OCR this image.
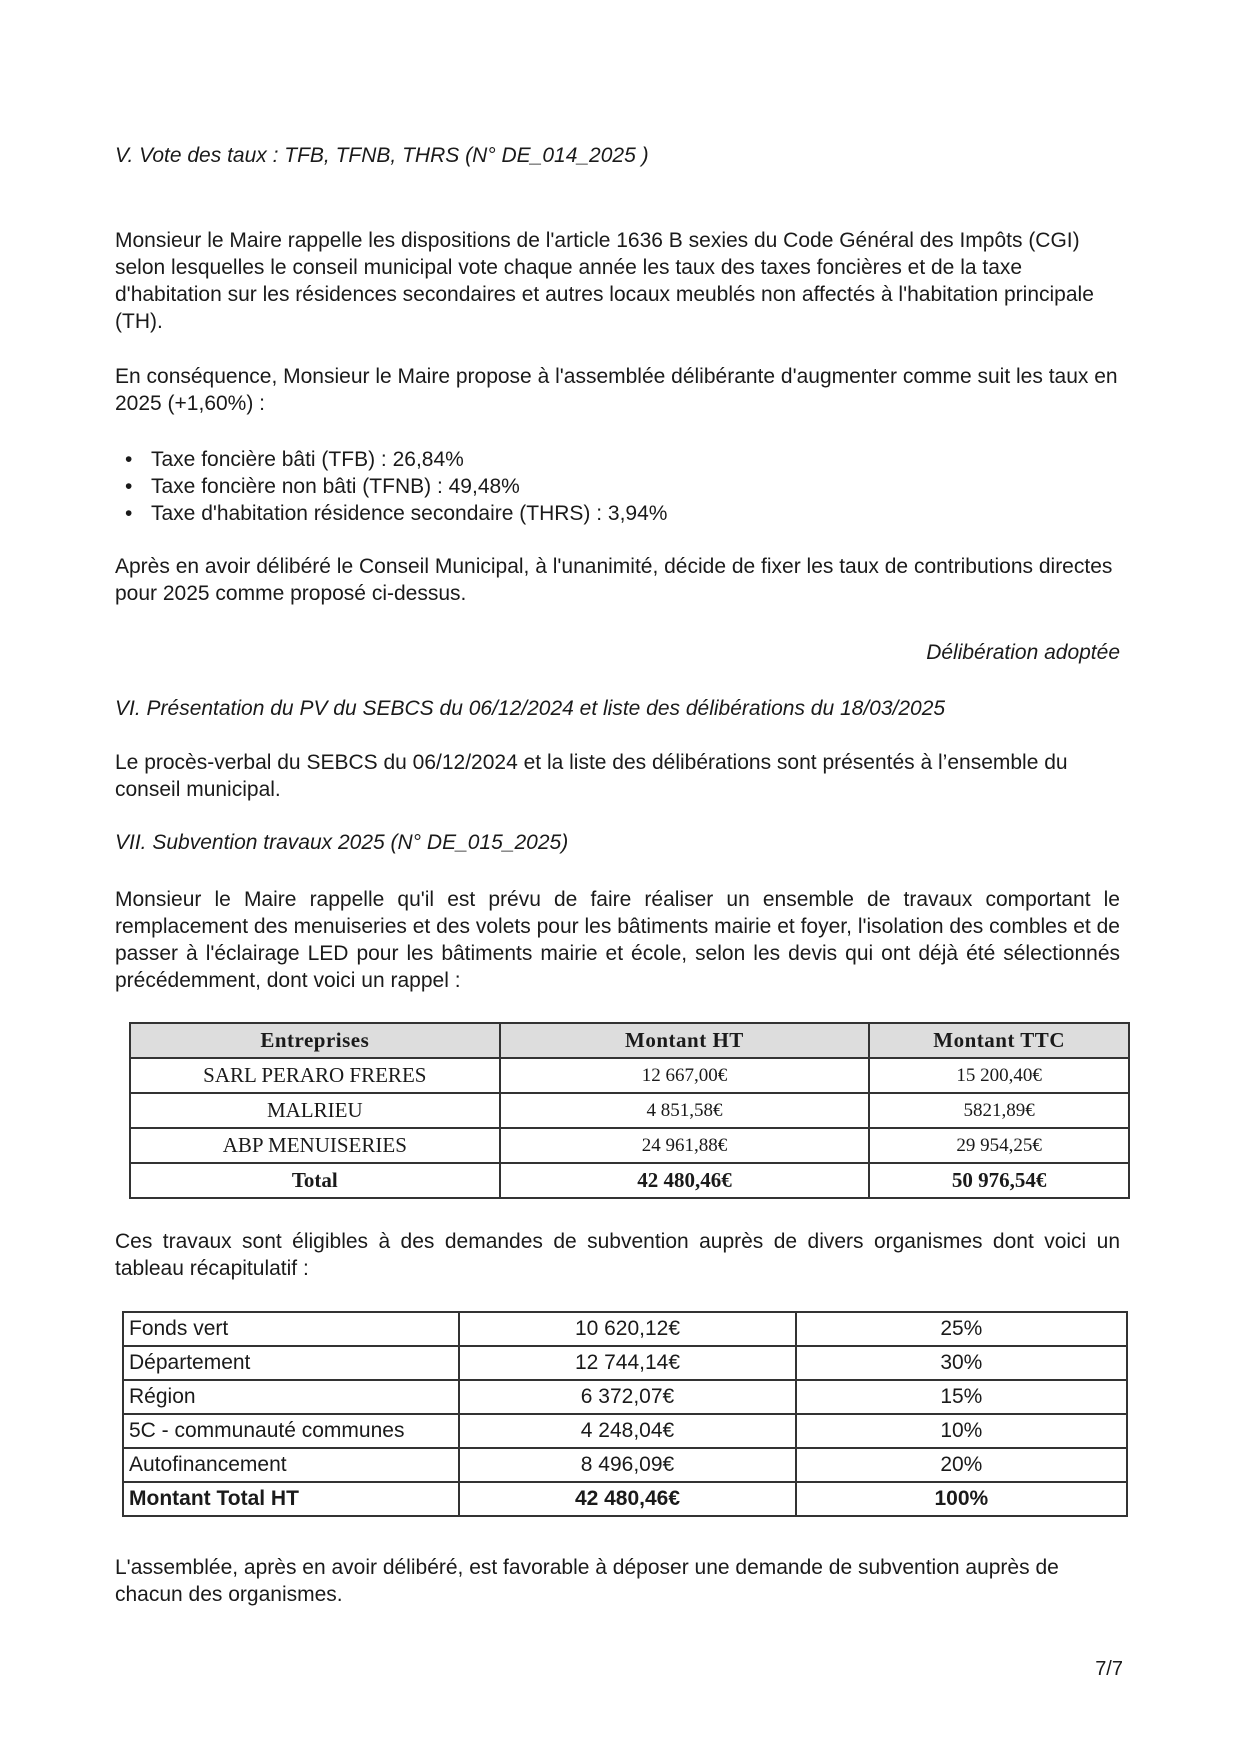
V. Vote des taux : TFB, TFNB, THRS (N° DE_014_2025 )
Monsieur le Maire rappelle les dispositions de l'article 1636 B sexies du Code Général des Impôts (CGI) selon lesquelles le conseil municipal vote chaque année les taux des taxes foncières et de la taxe d'habitation sur les résidences secondaires et autres locaux meublés non affectés à l'habitation principale (TH).
En conséquence, Monsieur le Maire propose à l'assemblée délibérante d'augmenter comme suit les taux en 2025 (+1,60%) :
• Taxe foncière bâti (TFB) : 26,84%
• Taxe foncière non bâti (TFNB) : 49,48%
• Taxe d'habitation résidence secondaire (THRS) : 3,94%
Après en avoir délibéré le Conseil Municipal, à l'unanimité, décide de fixer les taux de contributions directes pour 2025 comme proposé ci-dessus.
Délibération adoptée
VI. Présentation du PV du SEBCS du 06/12/2024 et liste des délibérations du 18/03/2025
Le procès-verbal du SEBCS du 06/12/2024 et la liste des délibérations sont présentés à l’ensemble du conseil municipal.
VII. Subvention travaux 2025 (N° DE_015_2025)
Monsieur le Maire rappelle qu'il est prévu de faire réaliser un ensemble de travaux comportant le remplacement des menuiseries et des volets pour les bâtiments mairie et foyer, l'isolation des combles et de passer à l'éclairage LED pour les bâtiments mairie et école, selon les devis qui ont déjà été sélectionnés précédemment, dont voici un rappel :
Entreprises	Montant HT	Montant TTC
SARL PERARO FRERES	12 667,00€	15 200,40€
MALRIEU	4 851,58€	5821,89€
ABP MENUISERIES	24 961,88€	29 954,25€
Total	42 480,46€	50 976,54€
Ces travaux sont éligibles à des demandes de subvention auprès de divers organismes dont voici un tableau récapitulatif :
Fonds vert	10 620,12€	25%
Département	12 744,14€	30%
Région	6 372,07€	15%
5C - communauté communes	4 248,04€	10%
Autofinancement	8 496,09€	20%
Montant Total HT	42 480,46€	100%
L'assemblée, après en avoir délibéré, est favorable à déposer une demande de subvention auprès de chacun des organismes.
7/7
